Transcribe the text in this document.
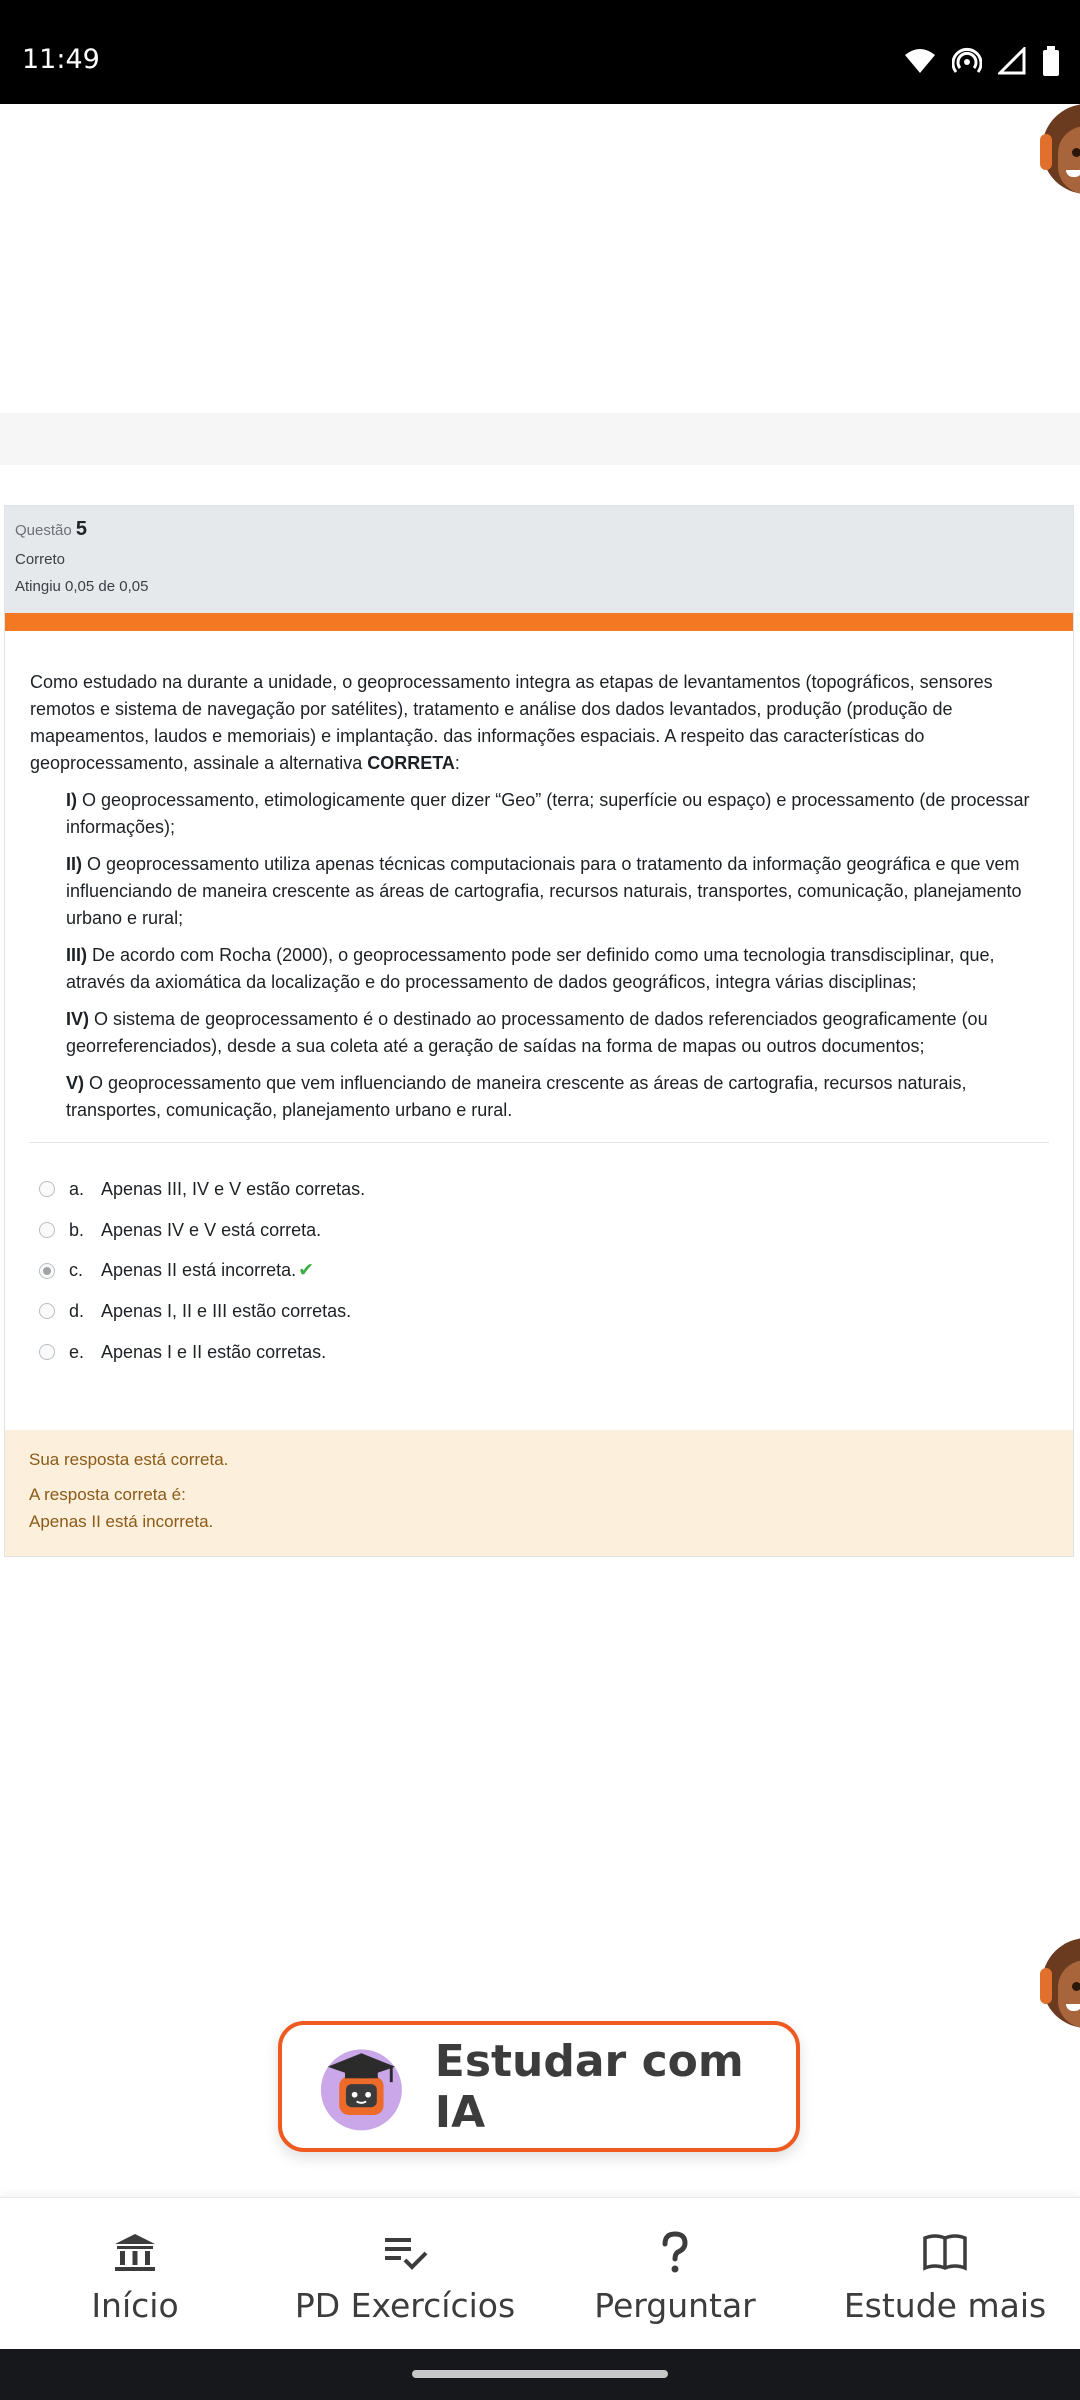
11:49
Questão 5
Correto
Atingiu 0,05 de 0,05

Como estudado na durante a unidade, o geoprocessamento integra as etapas de levantamentos (topográficos, sensores remotos e sistema de navegação por satélites), tratamento e análise dos dados levantados, produção (produção de mapeamentos, laudos e memoriais) e implantação. das informações espaciais. A respeito das características do geoprocessamento, assinale a alternativa CORRETA:

I) O geoprocessamento, etimologicamente quer dizer “Geo” (terra; superfície ou espaço) e processamento (de processar informações);

II) O geoprocessamento utiliza apenas técnicas computacionais para o tratamento da informação geográfica e que vem influenciando de maneira crescente as áreas de cartografia, recursos naturais, transportes, comunicação, planejamento urbano e rural;

III) De acordo com Rocha (2000), o geoprocessamento pode ser definido como uma tecnologia transdisciplinar, que, através da axiomática da localização e do processamento de dados geográficos, integra várias disciplinas;

IV) O sistema de geoprocessamento é o destinado ao processamento de dados referenciados geograficamente (ou georreferenciados), desde a sua coleta até a geração de saídas na forma de mapas ou outros documentos;

V) O geoprocessamento que vem influenciando de maneira crescente as áreas de cartografia, recursos naturais, transportes, comunicação, planejamento urbano e rural.

a. Apenas III, IV e V estão corretas.
b. Apenas IV e V está correta.
c. Apenas II está incorreta. ✔
d. Apenas I, II e III estão corretas.
e. Apenas I e II estão corretas.
Sua resposta está correta.
A resposta correta é:
Apenas II está incorreta.
Estudar com IA
Início	PD Exercícios Perguntar	Estude mais
